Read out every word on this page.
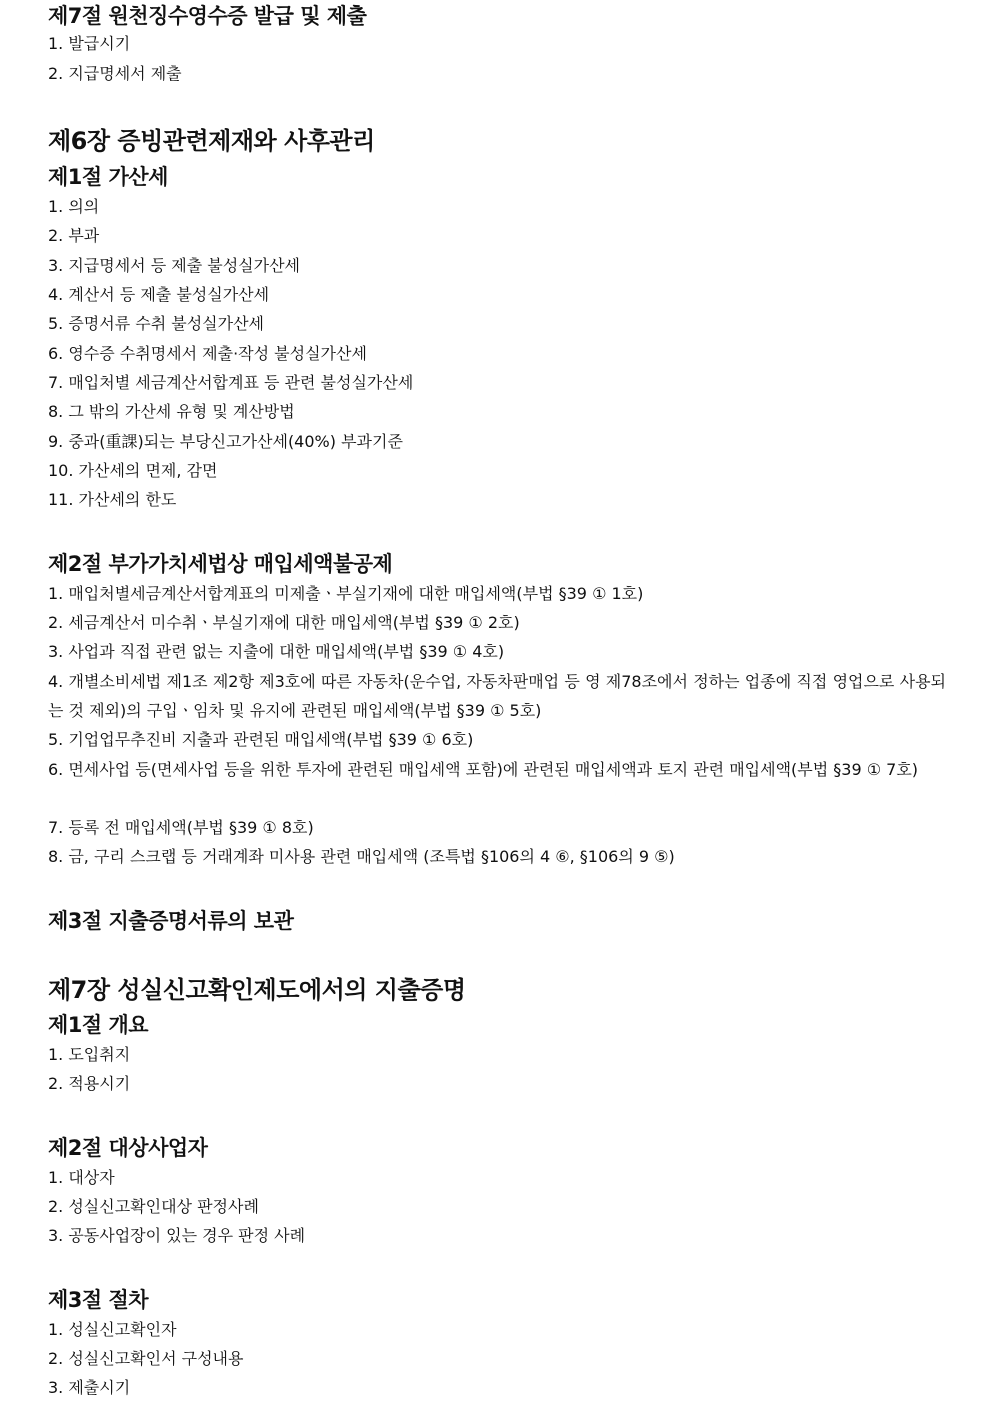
제7절 원천징수영수증 발급 및 제출
1. 발급시기
2. 지급명세서 제출
제6장 증빙관련제재와 사후관리
제1절 가산세
1. 의의
2. 부과
3. 지급명세서 등 제출 불성실가산세
4. 계산서 등 제출 불성실가산세
5. 증명서류 수취 불성실가산세
6. 영수증 수취명세서 제출·작성 불성실가산세
7. 매입처별 세금계산서합계표 등 관련 불성실가산세
8. 그 밖의 가산세 유형 및 계산방법
9. 중과(重課)되는 부당신고가산세(40%) 부과기준
10. 가산세의 면제, 감면
11. 가산세의 한도
제2절 부가가치세법상 매입세액불공제
1. 매입처별세금계산서합계표의 미제출ㆍ부실기재에 대한 매입세액(부법 §39 ① 1호)
2. 세금계산서 미수취ㆍ부실기재에 대한 매입세액(부법 §39 ① 2호)
3. 사업과 직접 관련 없는 지출에 대한 매입세액(부법 §39 ① 4호)
4. 개별소비세법 제1조 제2항 제3호에 따른 자동차(운수업, 자동차판매업 등 영 제78조에서 정하는 업종에 직접 영업으로 사용되는 것 제외)의 구입ㆍ임차 및 유지에 관련된 매입세액(부법 §39 ① 5호)
5. 기업업무추진비 지출과 관련된 매입세액(부법 §39 ① 6호)
6. 면세사업 등(면세사업 등을 위한 투자에 관련된 매입세액 포함)에 관련된 매입세액과 토지 관련 매입세액(부법 §39 ① 7호)
7. 등록 전 매입세액(부법 §39 ① 8호)
8. 금, 구리 스크랩 등 거래계좌 미사용 관련 매입세액 (조특법 §106의 4 ⑥, §106의 9 ⑤)
제3절 지출증명서류의 보관
제7장 성실신고확인제도에서의 지출증명
제1절 개요
1. 도입취지
2. 적용시기
제2절 대상사업자
1. 대상자
2. 성실신고확인대상 판정사례
3. 공동사업장이 있는 경우 판정 사례
제3절 절차
1. 성실신고확인자
2. 성실신고확인서 구성내용
3. 제출시기
